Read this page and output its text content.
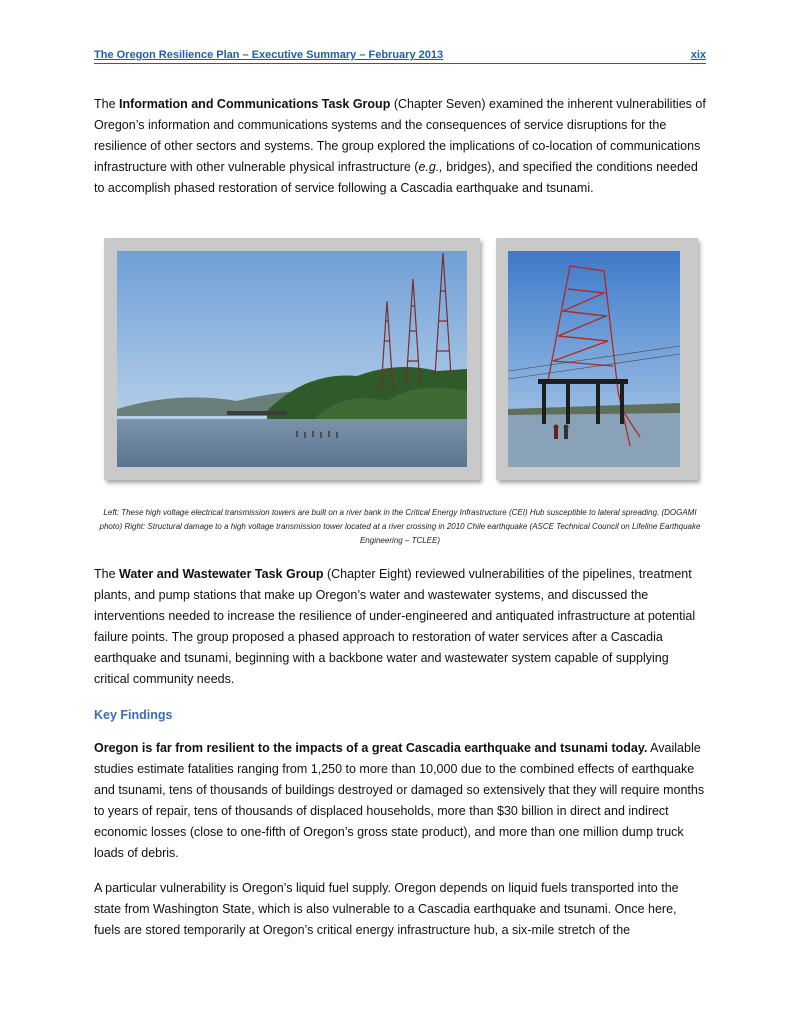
The Oregon Resilience Plan – Executive Summary – February 2013	xix

The Information and Communications Task Group (Chapter Seven) examined the inherent vulnerabilities of Oregon’s information and communications systems and the consequences of service disruptions for the resilience of other sectors and systems. The group explored the implications of co-location of communications infrastructure with other vulnerable physical infrastructure (e.g., bridges), and specified the conditions needed to accomplish phased restoration of service following a Cascadia earthquake and tsunami.

Left: These high voltage electrical transmission towers are built on a river bank in the Critical Energy Infrastructure (CEI) Hub susceptible to lateral spreading. (DOGAMI photo) Right: Structural damage to a high voltage transmission tower located at a river crossing in 2010 Chile earthquake (ASCE Technical Council on Lifeline Earthquake Engineering – TCLEE)

The Water and Wastewater Task Group (Chapter Eight) reviewed vulnerabilities of the pipelines, treatment plants, and pump stations that make up Oregon’s water and wastewater systems, and discussed the interventions needed to increase the resilience of under-engineered and antiquated infrastructure at potential failure points. The group proposed a phased approach to restoration of water services after a Cascadia earthquake and tsunami, beginning with a backbone water and wastewater system capable of supplying critical community needs.

Key Findings

Oregon is far from resilient to the impacts of a great Cascadia earthquake and tsunami today. Available studies estimate fatalities ranging from 1,250 to more than 10,000 due to the combined effects of earthquake and tsunami, tens of thousands of buildings destroyed or damaged so extensively that they will require months to years of repair, tens of thousands of displaced households, more than $30 billion in direct and indirect economic losses (close to one-fifth of Oregon’s gross state product), and more than one million dump truck loads of debris.

A particular vulnerability is Oregon’s liquid fuel supply. Oregon depends on liquid fuels transported into the state from Washington State, which is also vulnerable to a Cascadia earthquake and tsunami. Once here, fuels are stored temporarily at Oregon’s critical energy infrastructure hub, a six-mile stretch of the
